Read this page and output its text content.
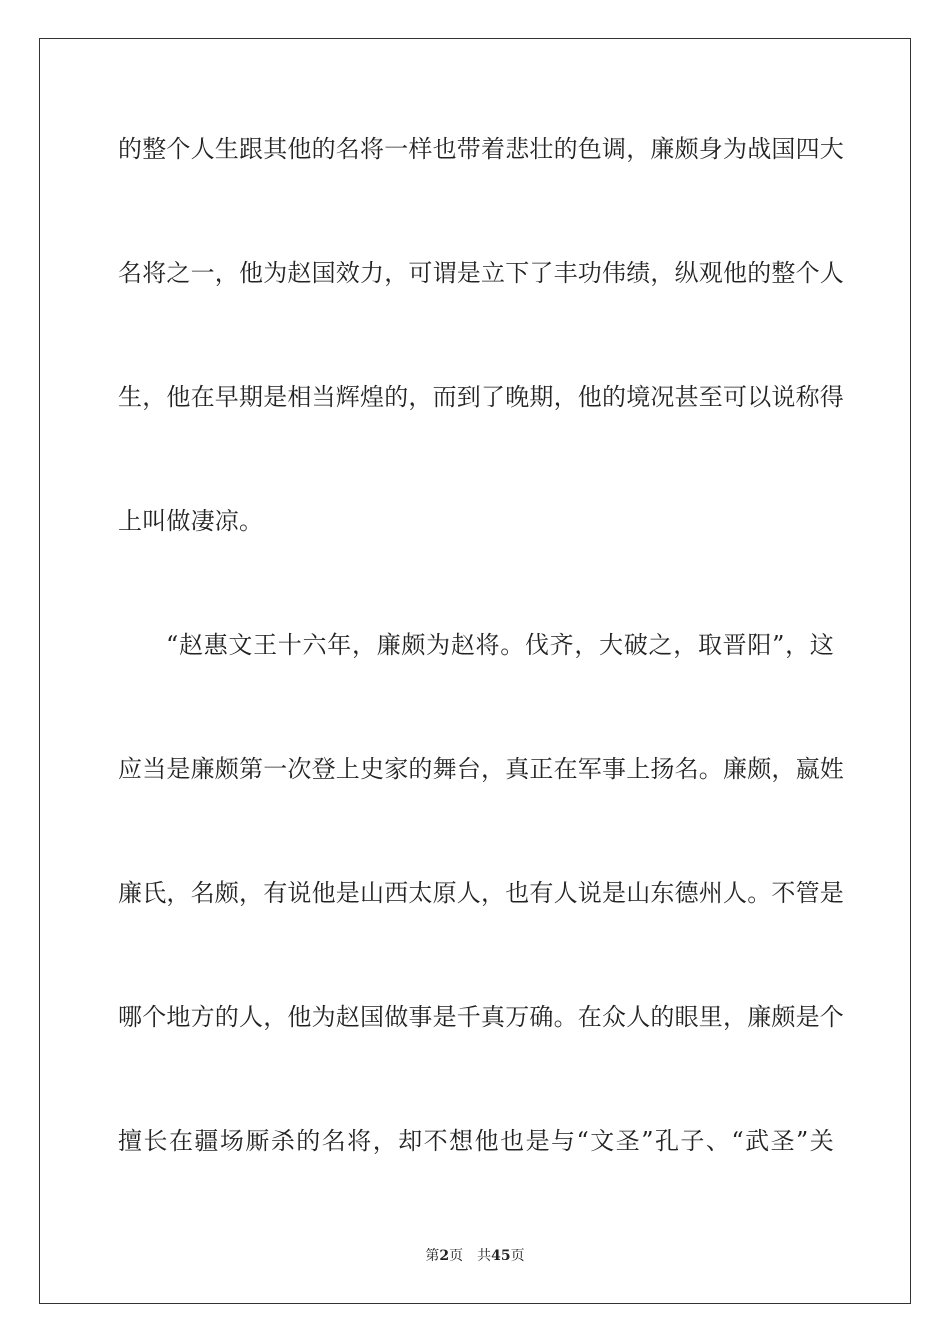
的整个人生跟其他的名将一样也带着悲壮的色调，廉颇身为战国四大
名将之一，他为赵国效力，可谓是立下了丰功伟绩，纵观他的整个人
生，他在早期是相当辉煌的，而到了晚期，他的境况甚至可以说称得
上叫做凄凉。
“赵惠文王十六年，廉颇为赵将。伐齐，大破之，取晋阳”，这
应当是廉颇第一次登上史家的舞台，真正在军事上扬名。廉颇，嬴姓
廉氏，名颇，有说他是山西太原人，也有人说是山东德州人。不管是
哪个地方的人，他为赵国做事是千真万确。在众人的眼里，廉颇是个
擅长在疆场厮杀的名将，却不想他也是与“文圣”孔子、“武圣”关
第2页 共45页
